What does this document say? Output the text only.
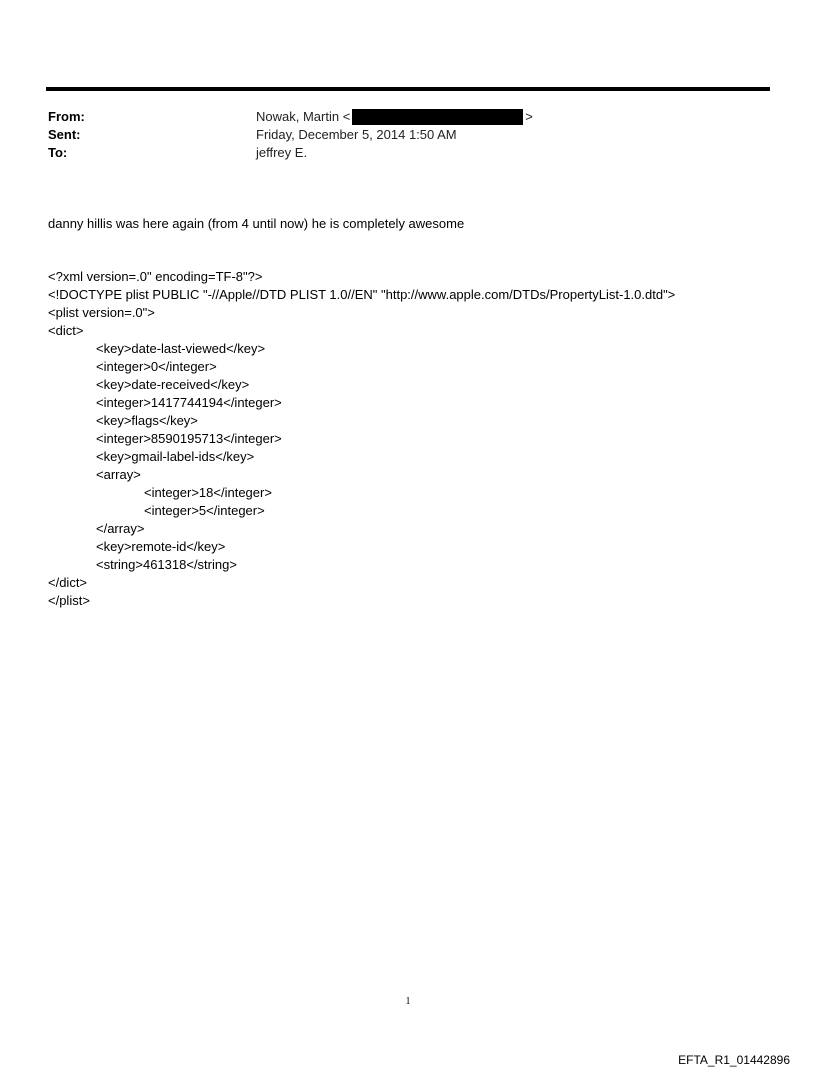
From:	Nowak, Martin <	>
Sent:	Friday, December 5, 2014 1:50 AM
To:	jeffrey E.
danny hillis was here again (from 4 until now) he is completely awesome
<?xml version=.0" encoding=TF-8"?>
<!DOCTYPE plist PUBLIC "-//Apple//DTD PLIST 1.0//EN" "http://www.apple.com/DTDs/PropertyList-1.0.dtd">
<plist version=.0">
<dict>
<key>date-last-viewed</key>
<integer>0</integer>
<key>date-received</key>
<integer>1417744194</integer>
<key>flags</key>
<integer>8590195713</integer>
<key>gmail-label-ids</key>
<array>
<integer>18</integer>
<integer>5</integer>
</array>
<key>remote-id</key>
<string>461318</string>
</dict>
</plist>
1
EFTA_R1_01442896
